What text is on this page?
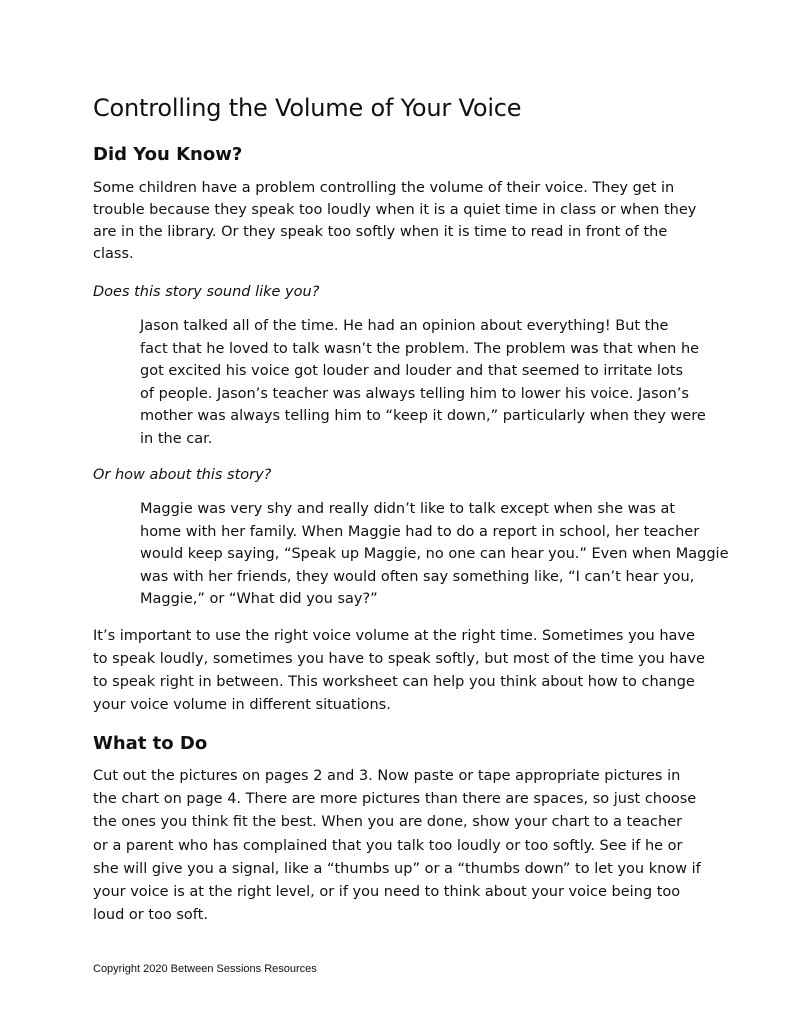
Controlling the Volume of Your Voice
Did You Know?

Some children have a problem controlling the volume of their voice. They get in
trouble because they speak too loudly when it is a quiet time in class or when they
are in the library. Or they speak too softly when it is time to read in front of the
class.

Does this story sound like you?

Jason talked all of the time. He had an opinion about everything! But the
fact that he loved to talk wasn’t the problem. The problem was that when he
got excited his voice got louder and louder and that seemed to irritate lots
of people. Jason’s teacher was always telling him to lower his voice. Jason’s
mother was always telling him to “keep it down,” particularly when they were
in the car.

Or how about this story?

Maggie was very shy and really didn’t like to talk except when she was at
home with her family. When Maggie had to do a report in school, her teacher
would keep saying, “Speak up Maggie, no one can hear you.” Even when Maggie
was with her friends, they would often say something like, “I can’t hear you,
Maggie,” or “What did you say?”

It’s important to use the right voice volume at the right time. Sometimes you have
to speak loudly, sometimes you have to speak softly, but most of the time you have
to speak right in between. This worksheet can help you think about how to change
your voice volume in different situations.

What to Do

Cut out the pictures on pages 2 and 3. Now paste or tape appropriate pictures in
the chart on page 4. There are more pictures than there are spaces, so just choose
the ones you think fit the best. When you are done, show your chart to a teacher
or a parent who has complained that you talk too loudly or too softly. See if he or
she will give you a signal, like a “thumbs up” or a “thumbs down” to let you know if
your voice is at the right level, or if you need to think about your voice being too
loud or too soft.

Copyright 2020 Between Sessions Resources
